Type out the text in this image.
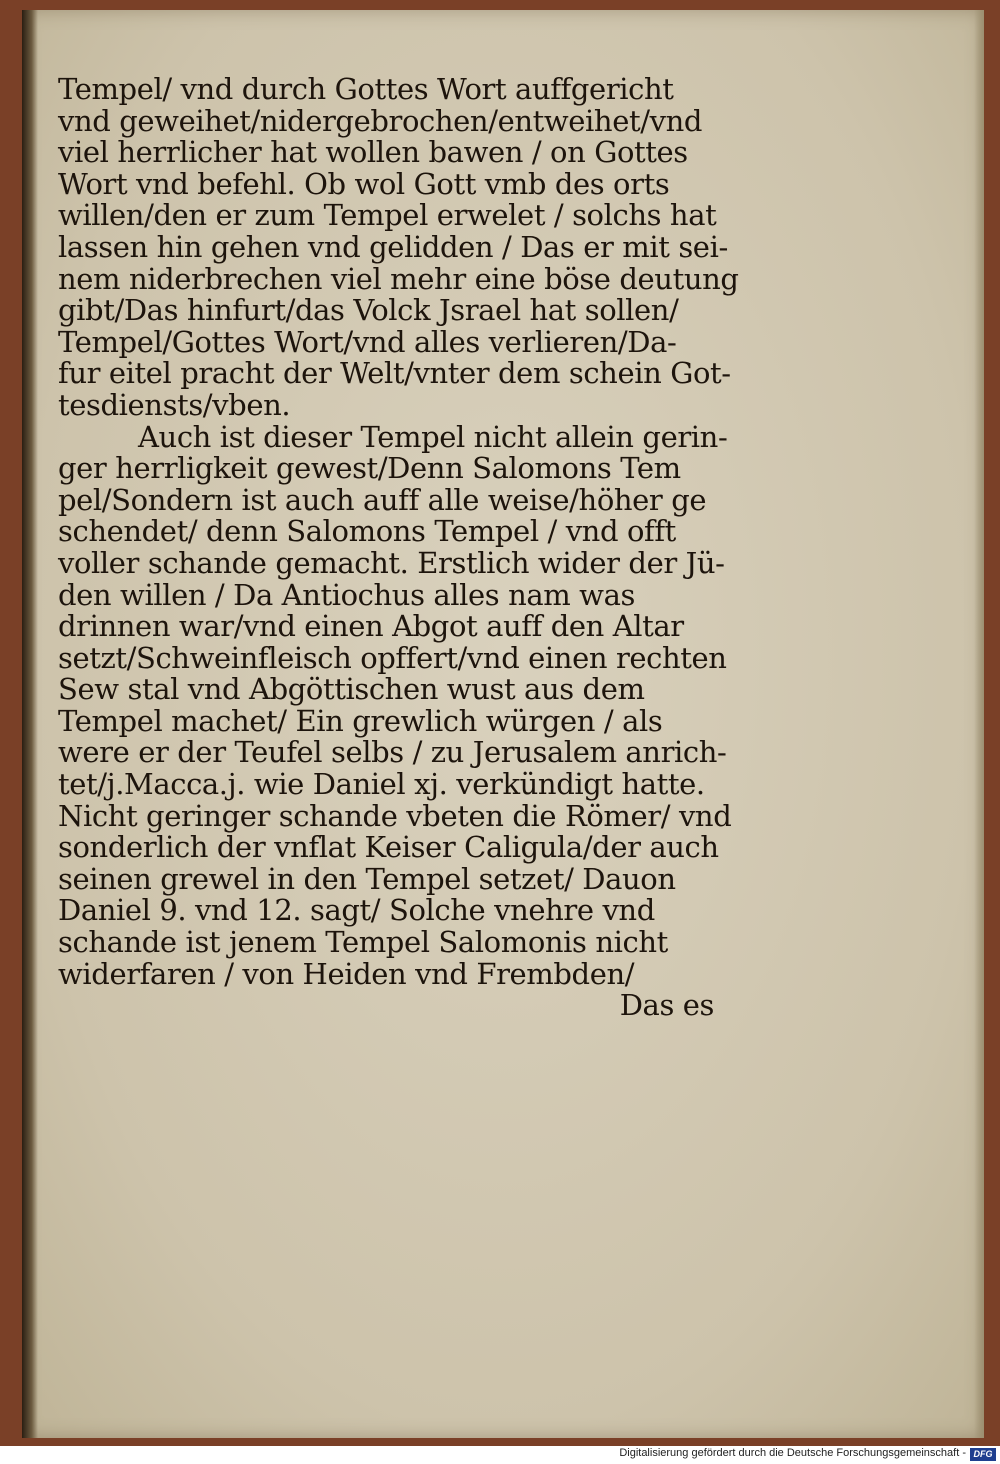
Tempel/ vnd durch Gottes Wort auffgericht
vnd geweihet/nidergebrochen/entweihet/vnd
viel herrlicher hat wollen bawen / on Gottes
Wort vnd befehl. Ob wol Gott vmb des orts
willen/den er zum Tempel erwelet / solchs hat
lassen hin gehen vnd gelidden / Das er mit sei-
nem niderbrechen viel mehr eine böse deutung
gibt/Das hinfurt/das Volck Jsrael hat sollen/
Tempel/Gottes Wort/vnd alles verlieren/Da-
fur eitel pracht der Welt/vnter dem schein Got-
tesdiensts/vben.
Auch ist dieser Tempel nicht allein gerin-
ger herrligkeit gewest/Denn Salomons Tem
pel/Sondern ist auch auff alle weise/höher ge
schendet/ denn Salomons Tempel / vnd offt
voller schande gemacht. Erstlich wider der Jü-
den willen / Da Antiochus alles nam was
drinnen war/vnd einen Abgot auff den Altar
setzt/Schweinfleisch opffert/vnd einen rechten
Sew stal vnd Abgöttischen wust aus dem
Tempel machet/ Ein grewlich würgen / als
were er der Teufel selbs / zu Jerusalem anrich-
tet/j.Macca.j. wie Daniel xj. verkündigt hatte.
Nicht geringer schande vbeten die Römer/ vnd
sonderlich der vnflat Keiser Caligula/der auch
seinen grewel in den Tempel setzet/ Dauon
Daniel 9. vnd 12. sagt/ Solche vnehre vnd
schande ist jenem Tempel Salomonis nicht
widerfaren / von Heiden vnd Frembden/
Das es
Digitalisierung gefördert durch die Deutsche Forschungsgemeinschaft - DFG
